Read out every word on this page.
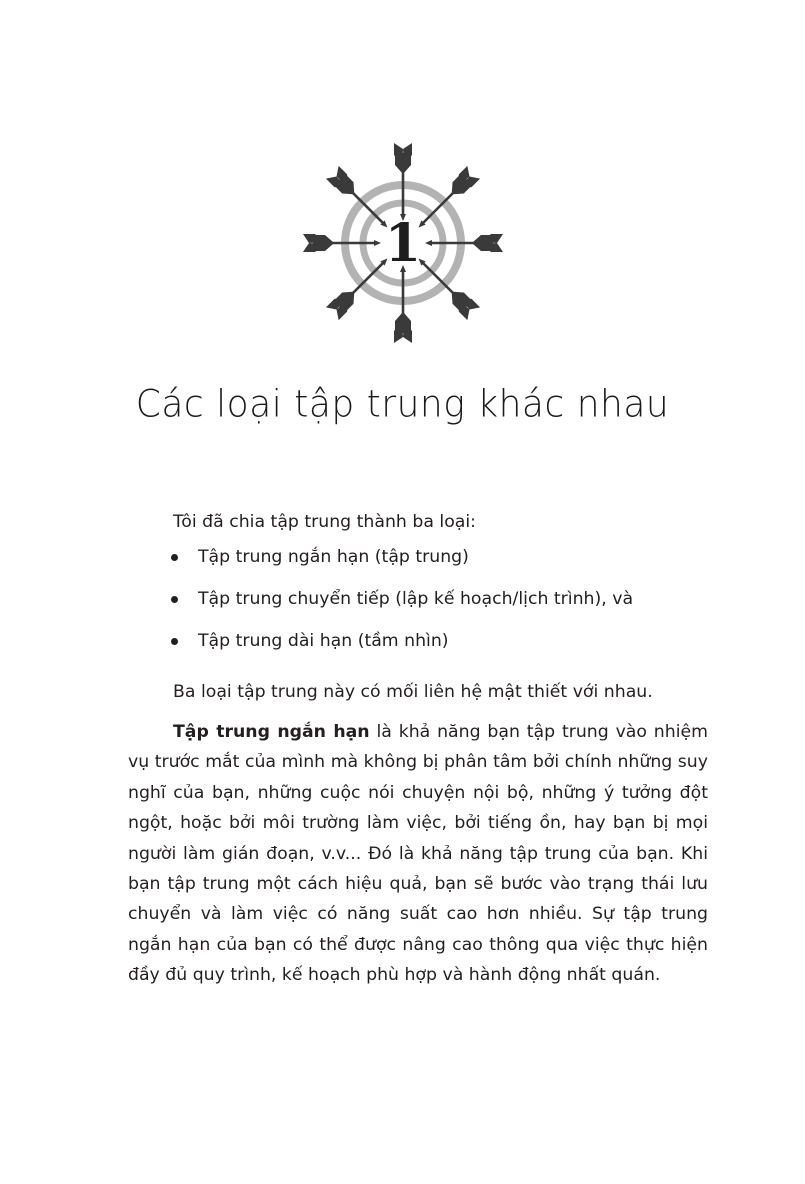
1
Các loại tập trung khác nhau

Tôi đã chia tập trung thành ba loại:

Tập trung ngắn hạn (tập trung)
Tập trung chuyển tiếp (lập kế hoạch/lịch trình), và
Tập trung dài hạn (tầm nhìn)

Ba loại tập trung này có mối liên hệ mật thiết với nhau.

Tập trung ngắn hạn là khả năng bạn tập trung vào nhiệm vụ trước mắt của mình mà không bị phân tâm bởi chính những suy nghĩ của bạn, những cuộc nói chuyện nội bộ, những ý tưởng đột ngột, hoặc bởi môi trường làm việc, bởi tiếng ồn, hay bạn bị mọi người làm gián đoạn, v.v... Đó là khả năng tập trung của bạn. Khi bạn tập trung một cách hiệu quả, bạn sẽ bước vào trạng thái lưu chuyển và làm việc có năng suất cao hơn nhiều. Sự tập trung ngắn hạn của bạn có thể được nâng cao thông qua việc thực hiện đầy đủ quy trình, kế hoạch phù hợp và hành động nhất quán.
